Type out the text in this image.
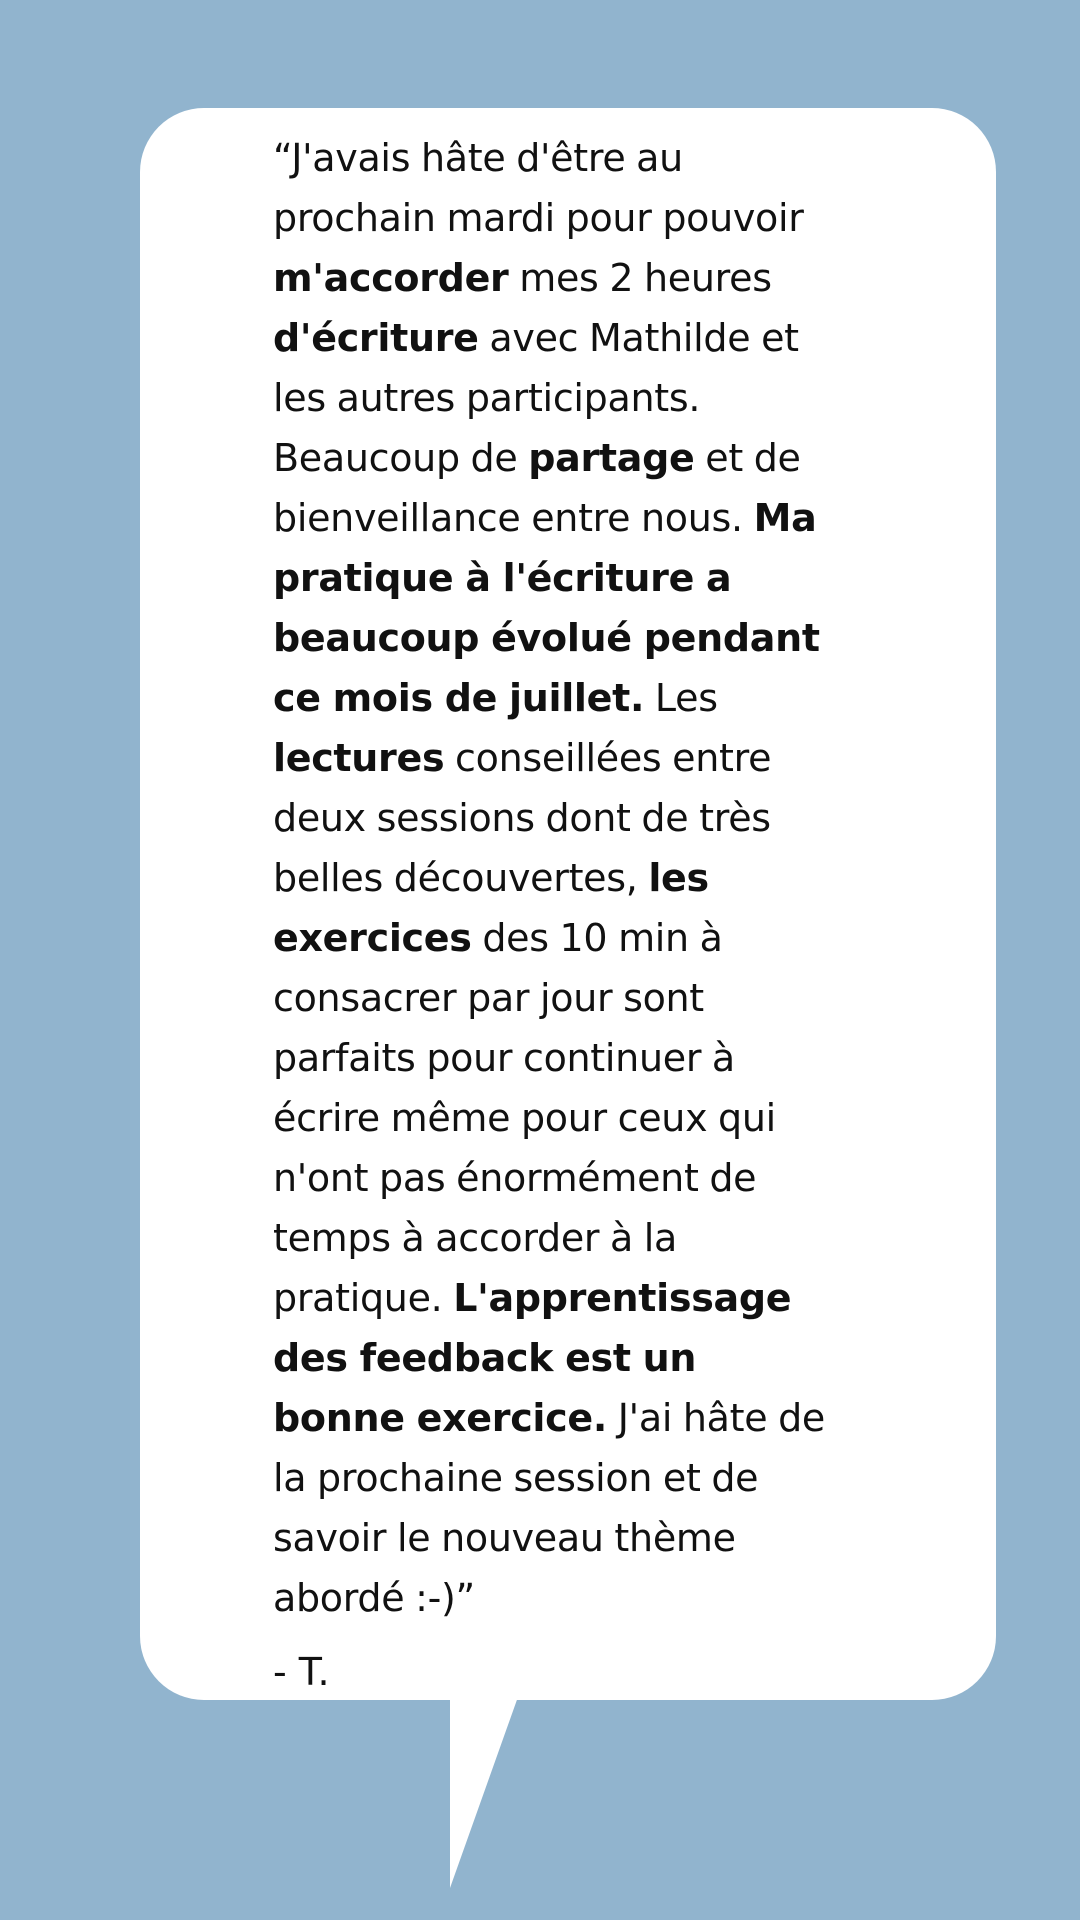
“J'avais hâte d'être au prochain mardi pour pouvoir m'accorder mes 2 heures d'écriture avec Mathilde et les autres participants. Beaucoup de partage et de bienveillance entre nous. Ma pratique à l'écriture a beaucoup évolué pendant ce mois de juillet. Les lectures conseillées entre deux sessions dont de très belles découvertes, les exercices des 10 min à consacrer par jour sont parfaits pour continuer à écrire même pour ceux qui n'ont pas énormément de temps à accorder à la pratique. L'apprentissage des feedback est un bonne exercice. J'ai hâte de la prochaine session et de savoir le nouveau thème abordé :-)”

- T.
